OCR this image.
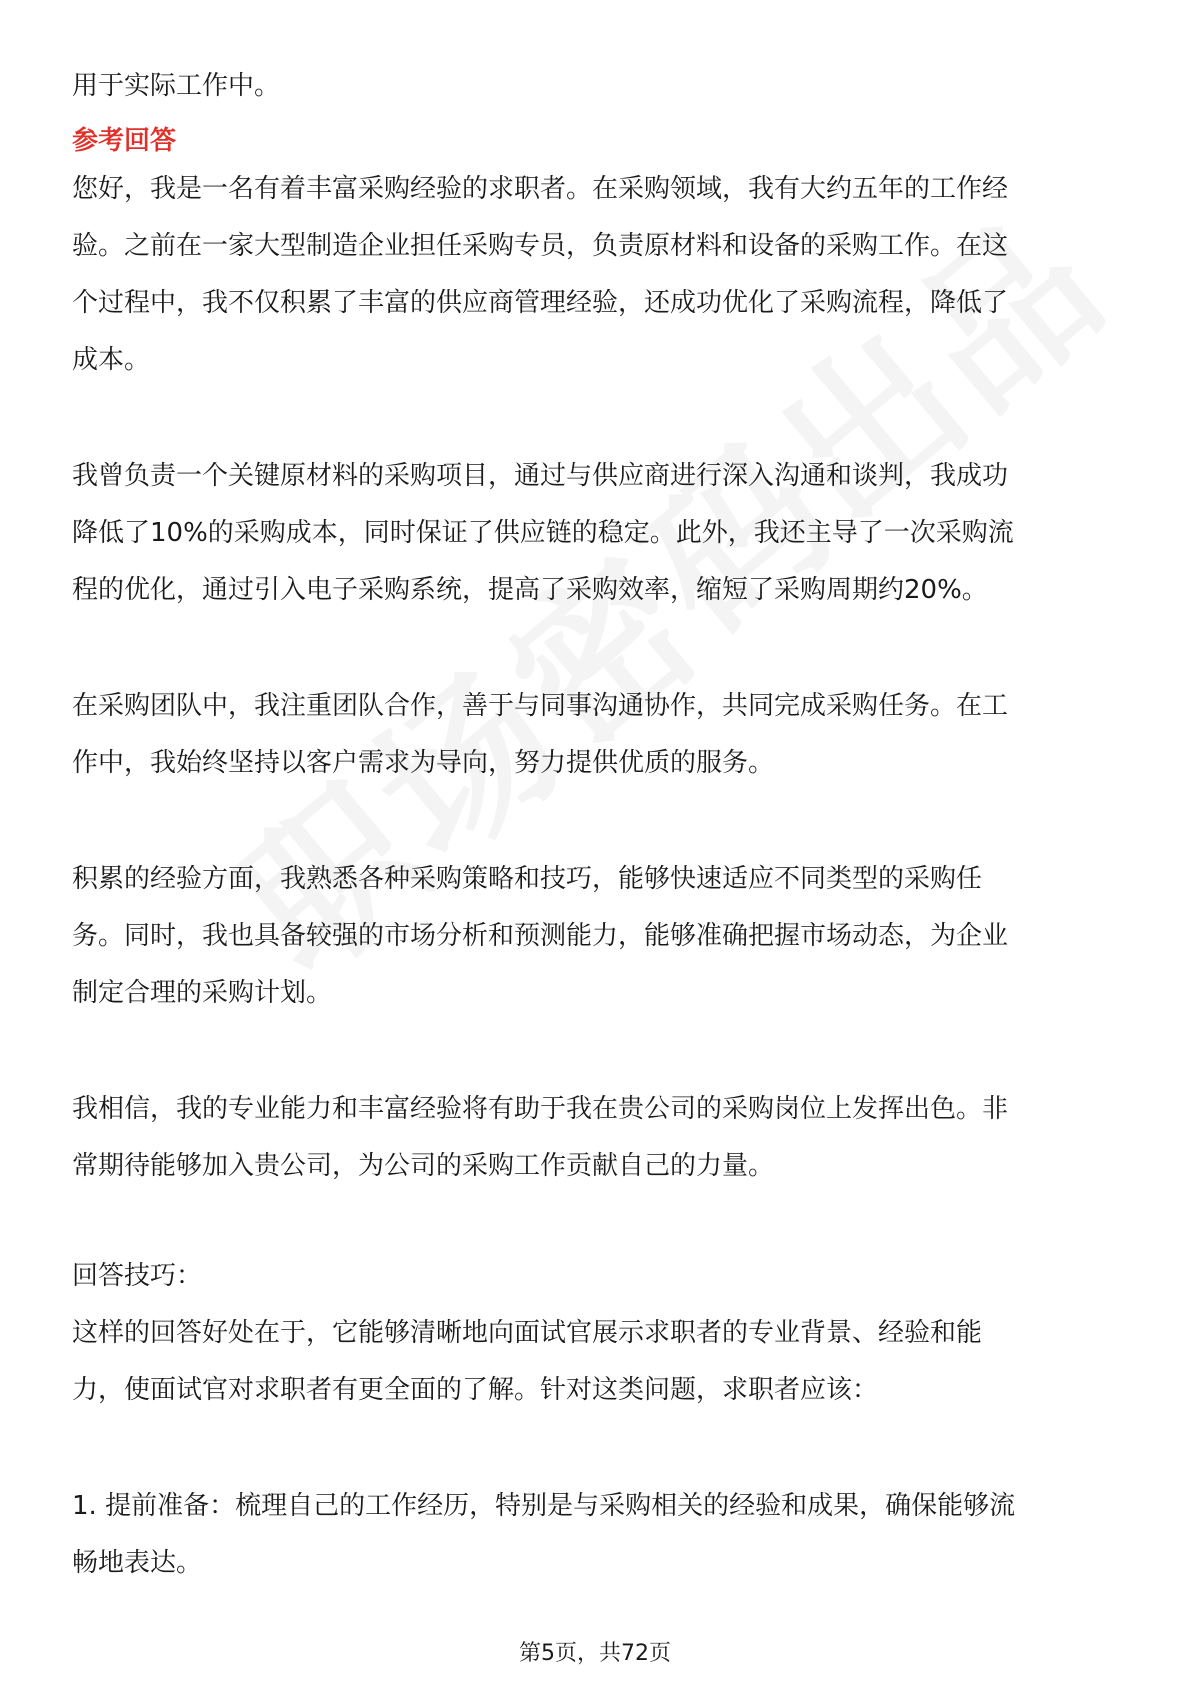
用于实际工作中。

参考回答

您好，我是一名有着丰富采购经验的求职者。在采购领域，我有大约五年的工作经

验。之前在一家大型制造企业担任采购专员，负责原材料和设备的采购工作。在这

个过程中，我不仅积累了丰富的供应商管理经验，还成功优化了采购流程，降低了

成本。

我曾负责一个关键原材料的采购项目，通过与供应商进行深入沟通和谈判，我成功

降低了10%的采购成本，同时保证了供应链的稳定。此外，我还主导了一次采购流

程的优化，通过引入电子采购系统，提高了采购效率，缩短了采购周期约20%。

在采购团队中，我注重团队合作，善于与同事沟通协作，共同完成采购任务。在工

作中，我始终坚持以客户需求为导向，努力提供优质的服务。

积累的经验方面，我熟悉各种采购策略和技巧，能够快速适应不同类型的采购任

务。同时，我也具备较强的市场分析和预测能力，能够准确把握市场动态，为企业

制定合理的采购计划。

我相信，我的专业能力和丰富经验将有助于我在贵公司的采购岗位上发挥出色。非

常期待能够加入贵公司，为公司的采购工作贡献自己的力量。

回答技巧：

这样的回答好处在于，它能够清晰地向面试官展示求职者的专业背景、经验和能

力，使面试官对求职者有更全面的了解。针对这类问题，求职者应该：

1. 提前准备：梳理自己的工作经历，特别是与采购相关的经验和成果，确保能够流

畅地表达。

第5页，共72页
